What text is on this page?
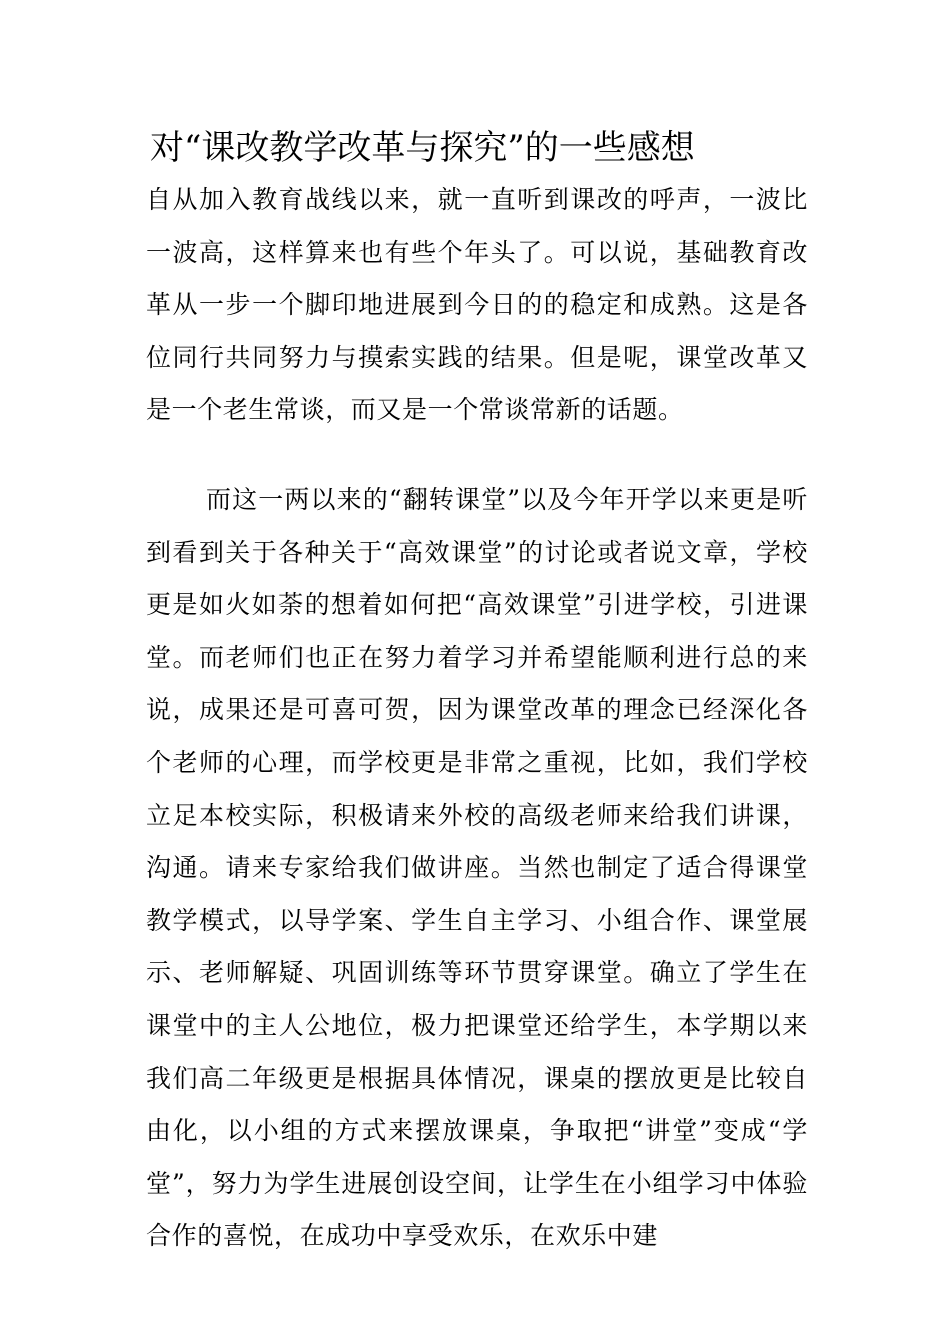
对“课改教学改革与探究”的一些感想

自从加入教育战线以来，就一直听到课改的呼声，一波比一波高，这样算来也有些个年头了。可以说，基础教育改革从一步一个脚印地进展到今日的的稳定和成熟。这是各位同行共同努力与摸索实践的结果。但是呢，课堂改革又是一个老生常谈，而又是一个常谈常新的话题。

而这一两以来的“翻转课堂”以及今年开学以来更是听到看到关于各种关于“高效课堂”的讨论或者说文章，学校更是如火如荼的想着如何把“高效课堂”引进学校，引进课堂。而老师们也正在努力着学习并希望能顺利进行总的来说，成果还是可喜可贺，因为课堂改革的理念已经深化各个老师的心理，而学校更是非常之重视，比如，我们学校立足本校实际，积极请来外校的高级老师来给我们讲课，沟通。请来专家给我们做讲座。当然也制定了适合得课堂教学模式，以导学案、学生自主学习、小组合作、课堂展示、老师解疑、巩固训练等环节贯穿课堂。确立了学生在课堂中的主人公地位，极力把课堂还给学生，本学期以来我们高二年级更是根据具体情况，课桌的摆放更是比较自由化，以小组的方式来摆放课桌，争取把“讲堂”变成“学堂”，努力为学生进展创设空间，让学生在小组学习中体验合作的喜悦，在成功中享受欢乐，在欢乐中建
